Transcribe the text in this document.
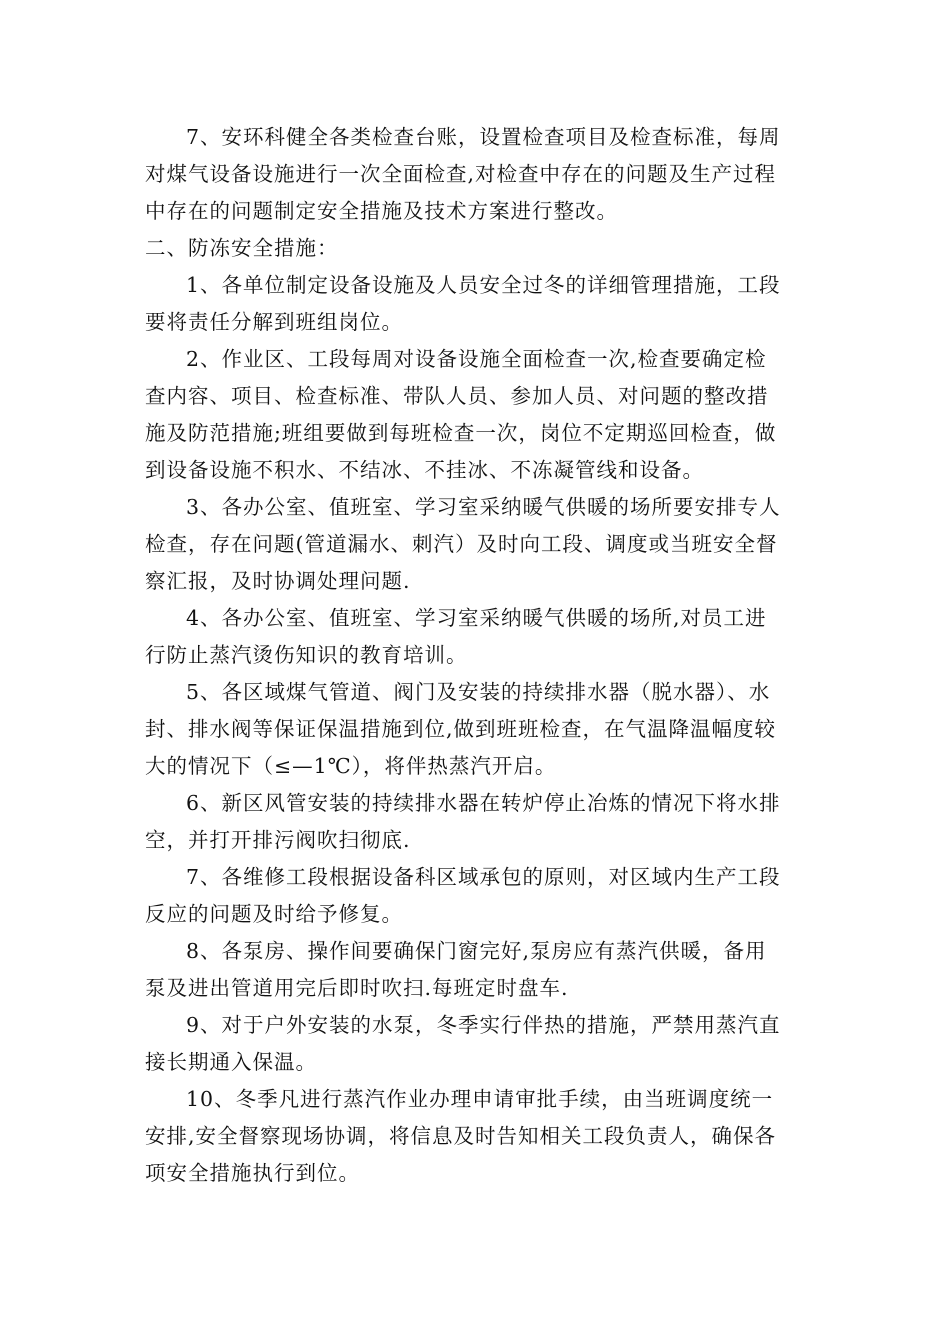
7、安环科健全各类检查台账，设置检查项目及检查标准，每周
对煤气设备设施进行一次全面检查,对检查中存在的问题及生产过程
中存在的问题制定安全措施及技术方案进行整改。

二、防冻安全措施：

1、各单位制定设备设施及人员安全过冬的详细管理措施，工段
要将责任分解到班组岗位。

2、作业区、工段每周对设备设施全面检查一次,检查要确定检
查内容、项目、检查标准、带队人员、参加人员、对问题的整改措
施及防范措施;班组要做到每班检查一次，岗位不定期巡回检查，做
到设备设施不积水、不结冰、不挂冰、不冻凝管线和设备。

3、各办公室、值班室、学习室采纳暖气供暖的场所要安排专人
检查，存在问题(管道漏水、刺汽）及时向工段、调度或当班安全督
察汇报，及时协调处理问题.

4、各办公室、值班室、学习室采纳暖气供暖的场所,对员工进
行防止蒸汽烫伤知识的教育培训。

5、各区域煤气管道、阀门及安装的持续排水器（脱水器）、水
封、排水阀等保证保温措施到位,做到班班检查，在气温降温幅度较
大的情况下（≤—1℃），将伴热蒸汽开启。

6、新区风管安装的持续排水器在转炉停止冶炼的情况下将水排
空，并打开排污阀吹扫彻底.

7、各维修工段根据设备科区域承包的原则，对区域内生产工段
反应的问题及时给予修复。

8、各泵房、操作间要确保门窗完好,泵房应有蒸汽供暖，备用
泵及进出管道用完后即时吹扫.每班定时盘车.

9、对于户外安装的水泵，冬季实行伴热的措施，严禁用蒸汽直
接长期通入保温。

10、冬季凡进行蒸汽作业办理申请审批手续，由当班调度统一
安排,安全督察现场协调，将信息及时告知相关工段负责人，确保各
项安全措施执行到位。
